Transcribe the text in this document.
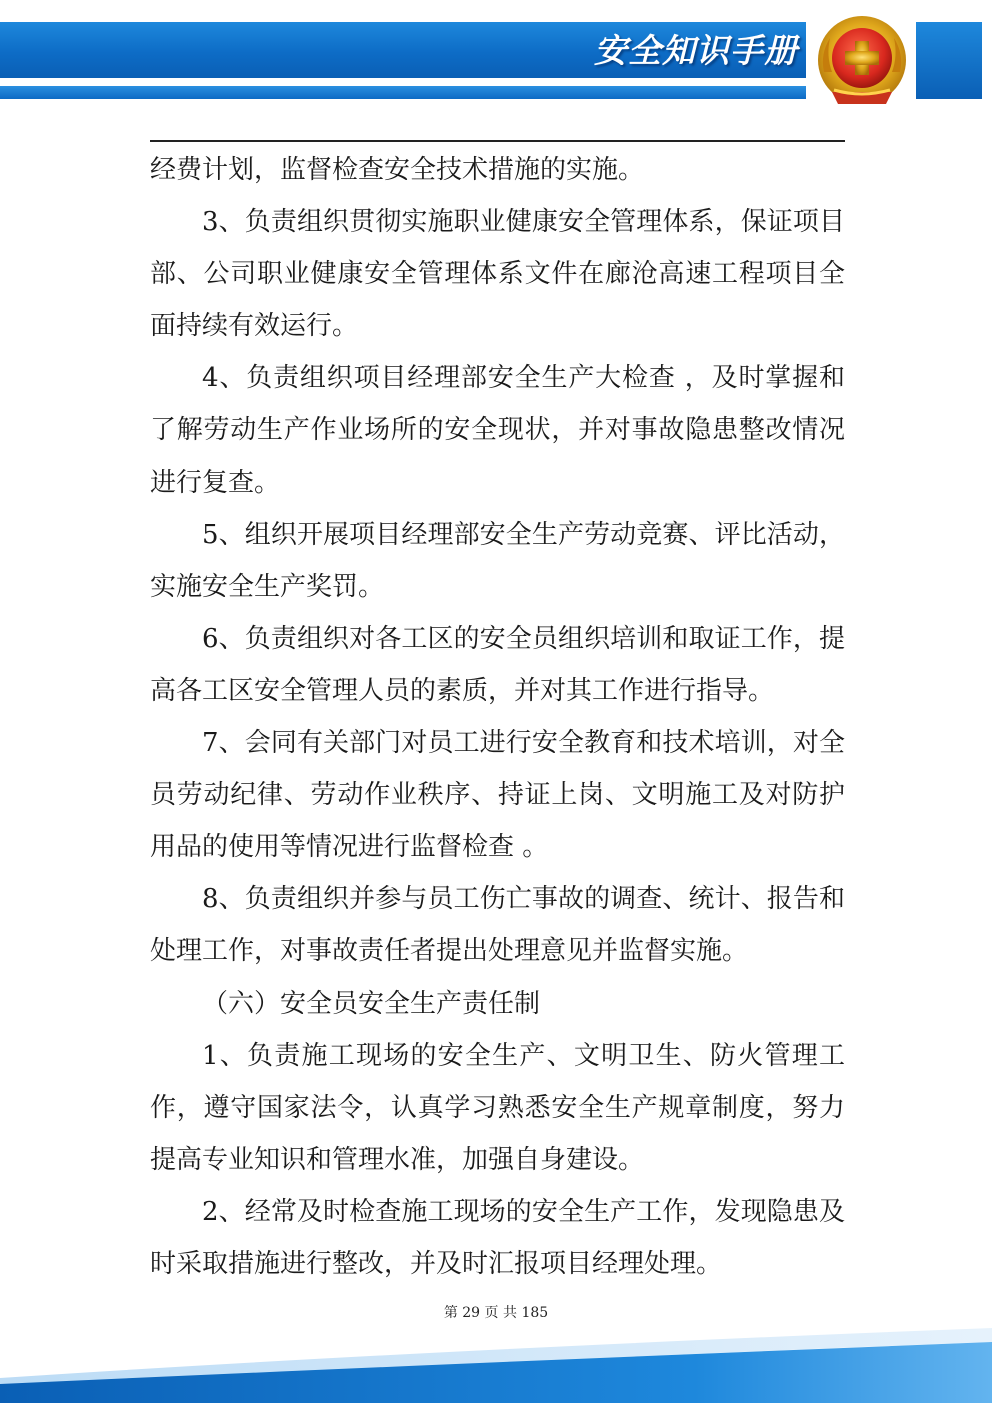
安全知识手册

经费计划，监督检查安全技术措施的实施。

3、负责组织贯彻实施职业健康安全管理体系，保证项目部、公司职业健康安全管理体系文件在廊沧高速工程项目全面持续有效运行。

4、负责组织项目经理部安全生产大检查 ，及时掌握和了解劳动生产作业场所的安全现状，并对事故隐患整改情况进行复查。

5、组织开展项目经理部安全生产劳动竞赛、评比活动，实施安全生产奖罚。

6、负责组织对各工区的安全员组织培训和取证工作，提高各工区安全管理人员的素质，并对其工作进行指导。

7、会同有关部门对员工进行安全教育和技术培训，对全员劳动纪律、劳动作业秩序、持证上岗、文明施工及对防护用品的使用等情况进行监督检查 。

8、负责组织并参与员工伤亡事故的调查、统计、报告和处理工作，对事故责任者提出处理意见并监督实施。

（六）安全员安全生产责任制

1、负责施工现场的安全生产、文明卫生、防火管理工作，遵守国家法令，认真学习熟悉安全生产规章制度，努力提高专业知识和管理水准，加强自身建设。

2、经常及时检查施工现场的安全生产工作，发现隐患及时采取措施进行整改，并及时汇报项目经理处理。

第 29 页 共 185
